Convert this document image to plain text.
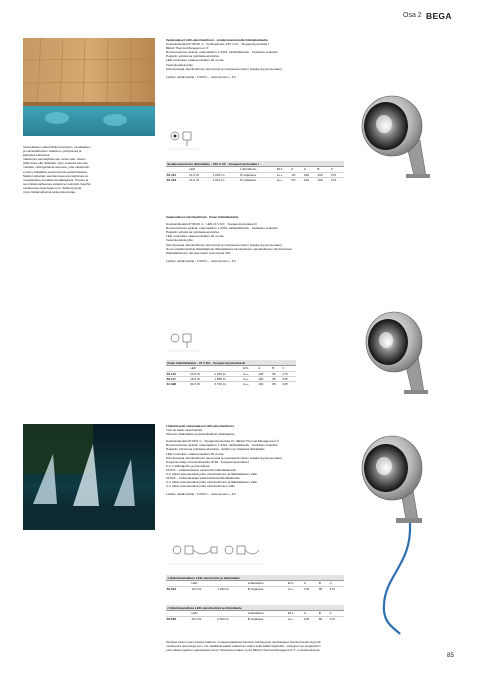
Osa 2 BEGA
Vedenalaiset valonheittimet lampien, vesialtaiden
ja suihkulähteiden valaisuun yksityisissä ja
julkisissa kohteissa.
Valaisimia saa käyttää vain veden alla. Veden
pitää tulee olla riittävästi, ettei vedessä saa olla
metallia, vahingoittavia aineosia, jotta valaisimiin
ei kerry haitallisia saostumia tai epäpuhtauksia.
Näiden laitteiden asentamisessa ja käytössä on
noudatettava turvallisuusmääräyksiä. Tutustu ja
suunnitteluvaiheessa valaisimen teknisiin tietoihin
osoitteessa www.bega.com. Sieltä löytyvät
myös lisätarvikkeista tarkempia tietoja.
Vedenalaiset LED-valonheittimet · sisäänrakennetulla liitäntälaitteella
Kotelointiluokka IP 68 20 m · Verkkojännite 230 V AC · Suojaeristysluokka I
BEGA Thermal Management ®
Ruostumatonta terästä, materiaalinro 1.4301, sähkökiillotettu · Karkaistu suikulasi
Heijastin erikoisrua puhdasta alumiinia
LED-moduulien vaatevuustakuu 20 vuotta
Vedenkestävä johto
Kiinnityssarja valonheittimen asennusta ja suuntausta varten (vaaka-/pystysuuntaan)
Lediien värilämpötila : 3 000 K – tuotenumero + K3
Sisäänrakennettu liitäntälaite · 230 V AC · Suojaeristysluokka I								
	LED		Liitäntäteho	ETL	β	A	B	C
69 415	21,0 W	1 895 lm	B ohjattava	A++	16°	220	168	270
69 443	21,0 W	2 015 lm	B ohjattava	A++	54°	220	168	270
Vedenalaiset valonheittimet · Ilman liitäntälaitetta
Kotelointiluokka IP 68 20 m · LED 24 V DC · Suojaeristysluokka III
Ruostumatonta terästä, materiaalinro 1.4301, sähkökiillotettu · Karkaistu suikulasi
Heijastin erikoisrua puhdasta alumiinia
LED-moduulien vaatevuustakuu 20 vuotta
Vedenkestävä johto
Kiinnityssarja valonheittimen asennusta ja suuntausta varten (vaaka-/pystysuuntaan)
Ilman edellämainittua liitäntälaitetta liitäntälaitetta toimitettavien valonheittimen tarvitseminen
liitäntälaitteiston tekniset tiedot ovat sivulla 222.
Lediien värilämpötila : 3 000 K – tuotenumero + K3
Ilman liitäntälaitetta · 24 V DC · Suojaeristysluokka III						
	LED		ETL	A	B	C
69 115	13,8 W	1 250 lm	A++	135	65	170
69 117	18,5 W	1 805 lm	A++	160	65	235
64 398	62,0 W	3 740 lm	A++	160	65	235
Liitäntärasiat vedenalaiset LED-valonheittimet
Yksi tai kaksi valonheitintä
Ulkoinen liitäntälaite ja pistotulpallinen liitäntäjohto
Kotelointiluokka IP 68 5 m · Suojaeristysluokka III · BEGA Thermal Management ®
Ruostumatonta terästä, materiaalinro 1.4301, sähkökiillotettu · Karkaistu suikulasi
Heijastin erikoisrua puhdasta alumiinia · Erillinen ja ohjattava liitäntälaite
LED-moduulien vaatevuustakuu 20 vuotta
Kiinnityssarja valonheittimen asennusta ja suuntausta varten (vaaka-/pystysuuntaan)
Suojamuuntaja: Kotelointiluokka IP 68 · Suojaeristysluokka II
2 m:n liitäntäjohto ja pistotulppa
69 524 – Liitäntärasiana valonheitin liitäntälaitteella
4 m pitkä vedenkestävä johto valonheittimen ja liitäntälaitteen välin
69 526 – 2 liitäntärasiaa valonheittimiä liitäntälaitteella
4 m pitkä vedenkestävä johto valonheittimen ja liitäntälaitteen välin
2 m pitkä vedenkestävä johto valonheittimien välin
Lediien värilämpötila : 3 000 K – tuotenumero + K3
1 liitäntärasiallinen LED-valonheitin ja liitäntälaite							
	LED		Liitäntäteho	ETL	A	B	C
69 524	16,0 W	1 250 lm	B ohjattava	A++	135	65	170
2 liitäntärasiallista LED-valonheitintä ja liitäntälaite							
	LED		Liitäntäteho	ETL	A	B	C
69 526	40,0 W	2 500 lm	B ohjattava	A++	135	65	170
Tekniset tiedot ovat muuttua laatinon romaassoiatiaiosa teknisen kehittyessä. Ajantasaiset tekniset tiedot löytyvät
osoitteesta www.bega.com. Ne sisältävät kaikki valaisimen tiedot sekä kaikki käyttötila - valoyjmen ja projektiohin
erimmäisarvojalisen ajantasaiset arvot. Nitestä kerrotaan myös BEGA Thermal Management ® -ominaisuuksista.
85
